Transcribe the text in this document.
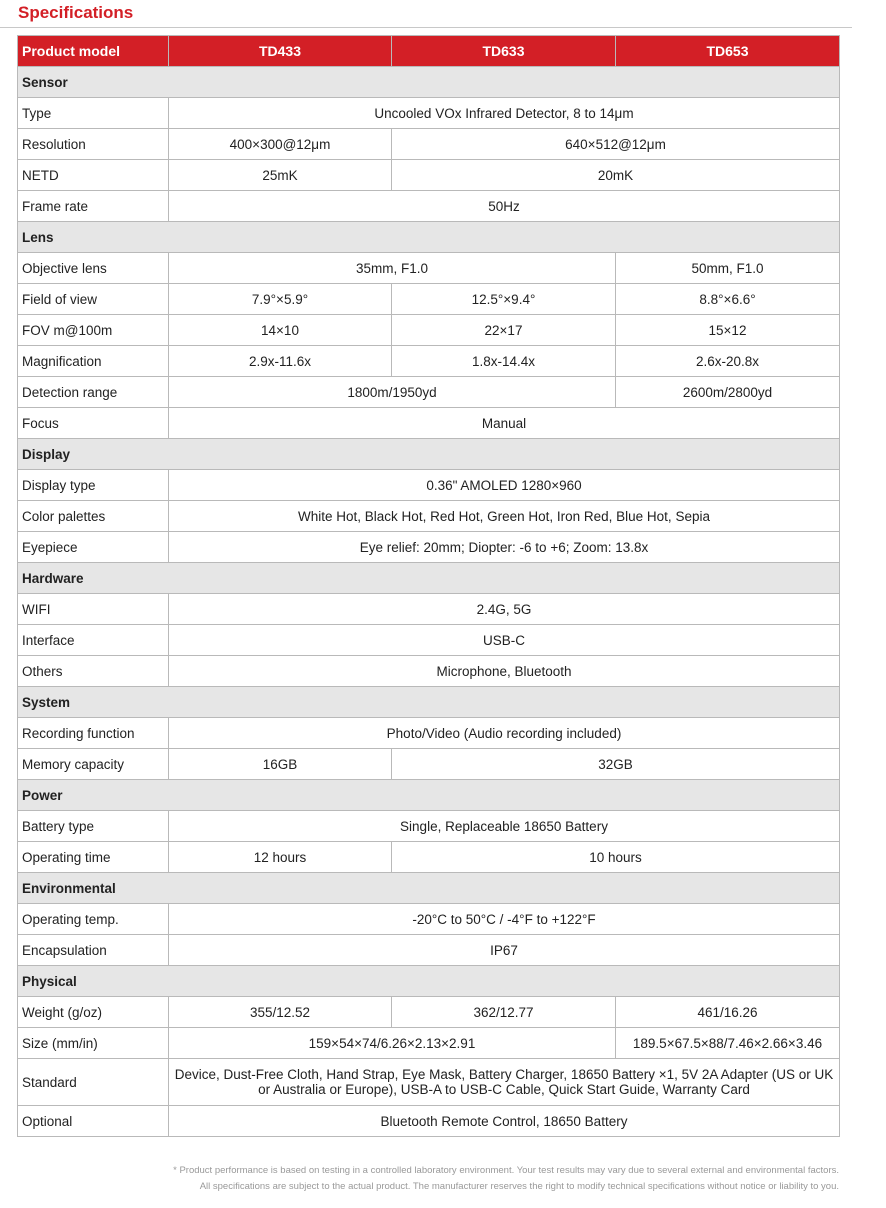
Specifications
Product model	TD433	TD633	TD653
Sensor			
Type	Uncooled VOx Infrared Detector, 8 to 14μm		
Resolution	400×300@12μm	640×512@12μm	
NETD	25mK	20mK	
Frame rate	50Hz		
Lens			
Objective lens	35mm, F1.0		50mm, F1.0
Field of view	7.9°×5.9°	12.5°×9.4°	8.8°×6.6°
FOV m@100m	14×10	22×17	15×12
Magnification	2.9x-11.6x	1.8x-14.4x	2.6x-20.8x
Detection range	1800m/1950yd		2600m/2800yd
Focus	Manual		
Display			
Display type	0.36" AMOLED 1280×960		
Color palettes	White Hot, Black Hot, Red Hot, Green Hot, Iron Red, Blue Hot, Sepia		
Eyepiece	Eye relief: 20mm; Diopter: -6 to +6; Zoom: 13.8x		
Hardware			
WIFI	2.4G, 5G		
Interface	USB-C		
Others	Microphone, Bluetooth		
System			
Recording function	Photo/Video (Audio recording included)		
Memory capacity	16GB	32GB	
Power			
Battery type	Single, Replaceable 18650 Battery		
Operating time	12 hours	10 hours	
Environmental			
Operating temp.	-20°C to 50°C / -4°F to +122°F		
Encapsulation	IP67		
Physical			
Weight (g/oz)	355/12.52	362/12.77	461/16.26
Size (mm/in)	159×54×74/6.26×2.13×2.91		189.5×67.5×88/7.46×2.66×3.46
Standard	Device, Dust-Free Cloth, Hand Strap, Eye Mask, Battery Charger, 18650 Battery ×1, 5V 2A Adapter (US or UK or Australia or Europe), USB-A to USB-C Cable, Quick Start Guide, Warranty Card		
Optional	Bluetooth Remote Control, 18650 Battery		
* Product performance is based on testing in a controlled laboratory environment. Your test results may vary due to several external and environmental factors.
All specifications are subject to the actual product. The manufacturer reserves the right to modify technical specifications without notice or liability to you.
